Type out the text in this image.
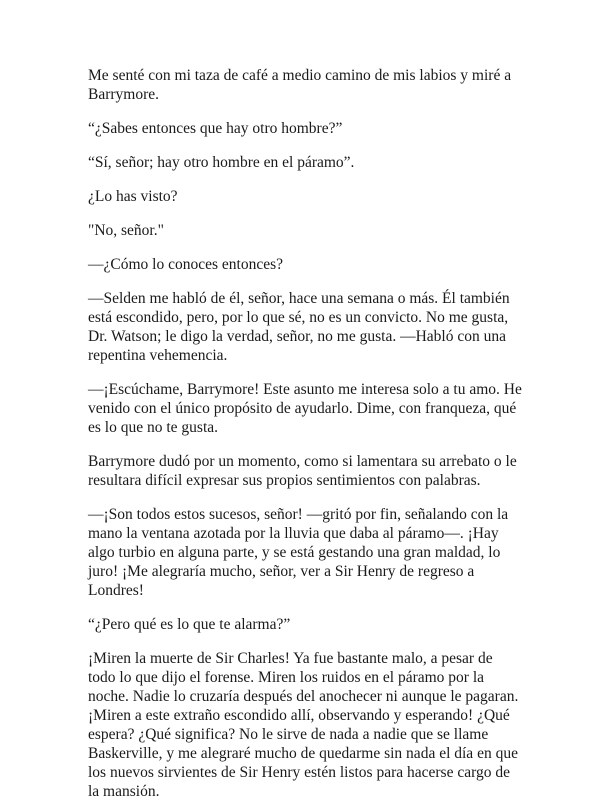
Me senté con mi taza de café a medio camino de mis labios y miré a Barrymore.

“¿Sabes entonces que hay otro hombre?”

“Sí, señor; hay otro hombre en el páramo”.

¿Lo has visto?

"No, señor."

—¿Cómo lo conoces entonces?

—Selden me habló de él, señor, hace una semana o más. Él también está escondido, pero, por lo que sé, no es un convicto. No me gusta, Dr. Watson; le digo la verdad, señor, no me gusta. —Habló con una repentina vehemencia.

—¡Escúchame, Barrymore! Este asunto me interesa solo a tu amo. He venido con el único propósito de ayudarlo. Dime, con franqueza, qué es lo que no te gusta.

Barrymore dudó por un momento, como si lamentara su arrebato o le resultara difícil expresar sus propios sentimientos con palabras.

—¡Son todos estos sucesos, señor! —gritó por fin, señalando con la mano la ventana azotada por la lluvia que daba al páramo—. ¡Hay algo turbio en alguna parte, y se está gestando una gran maldad, lo juro! ¡Me alegraría mucho, señor, ver a Sir Henry de regreso a Londres!

“¿Pero qué es lo que te alarma?”

¡Miren la muerte de Sir Charles! Ya fue bastante malo, a pesar de todo lo que dijo el forense. Miren los ruidos en el páramo por la noche. Nadie lo cruzaría después del anochecer ni aunque le pagaran. ¡Miren a este extraño escondido allí, observando y esperando! ¿Qué espera? ¿Qué significa? No le sirve de nada a nadie que se llame Baskerville, y me alegraré mucho de quedarme sin nada el día en que los nuevos sirvientes de Sir Henry estén listos para hacerse cargo de la mansión.
